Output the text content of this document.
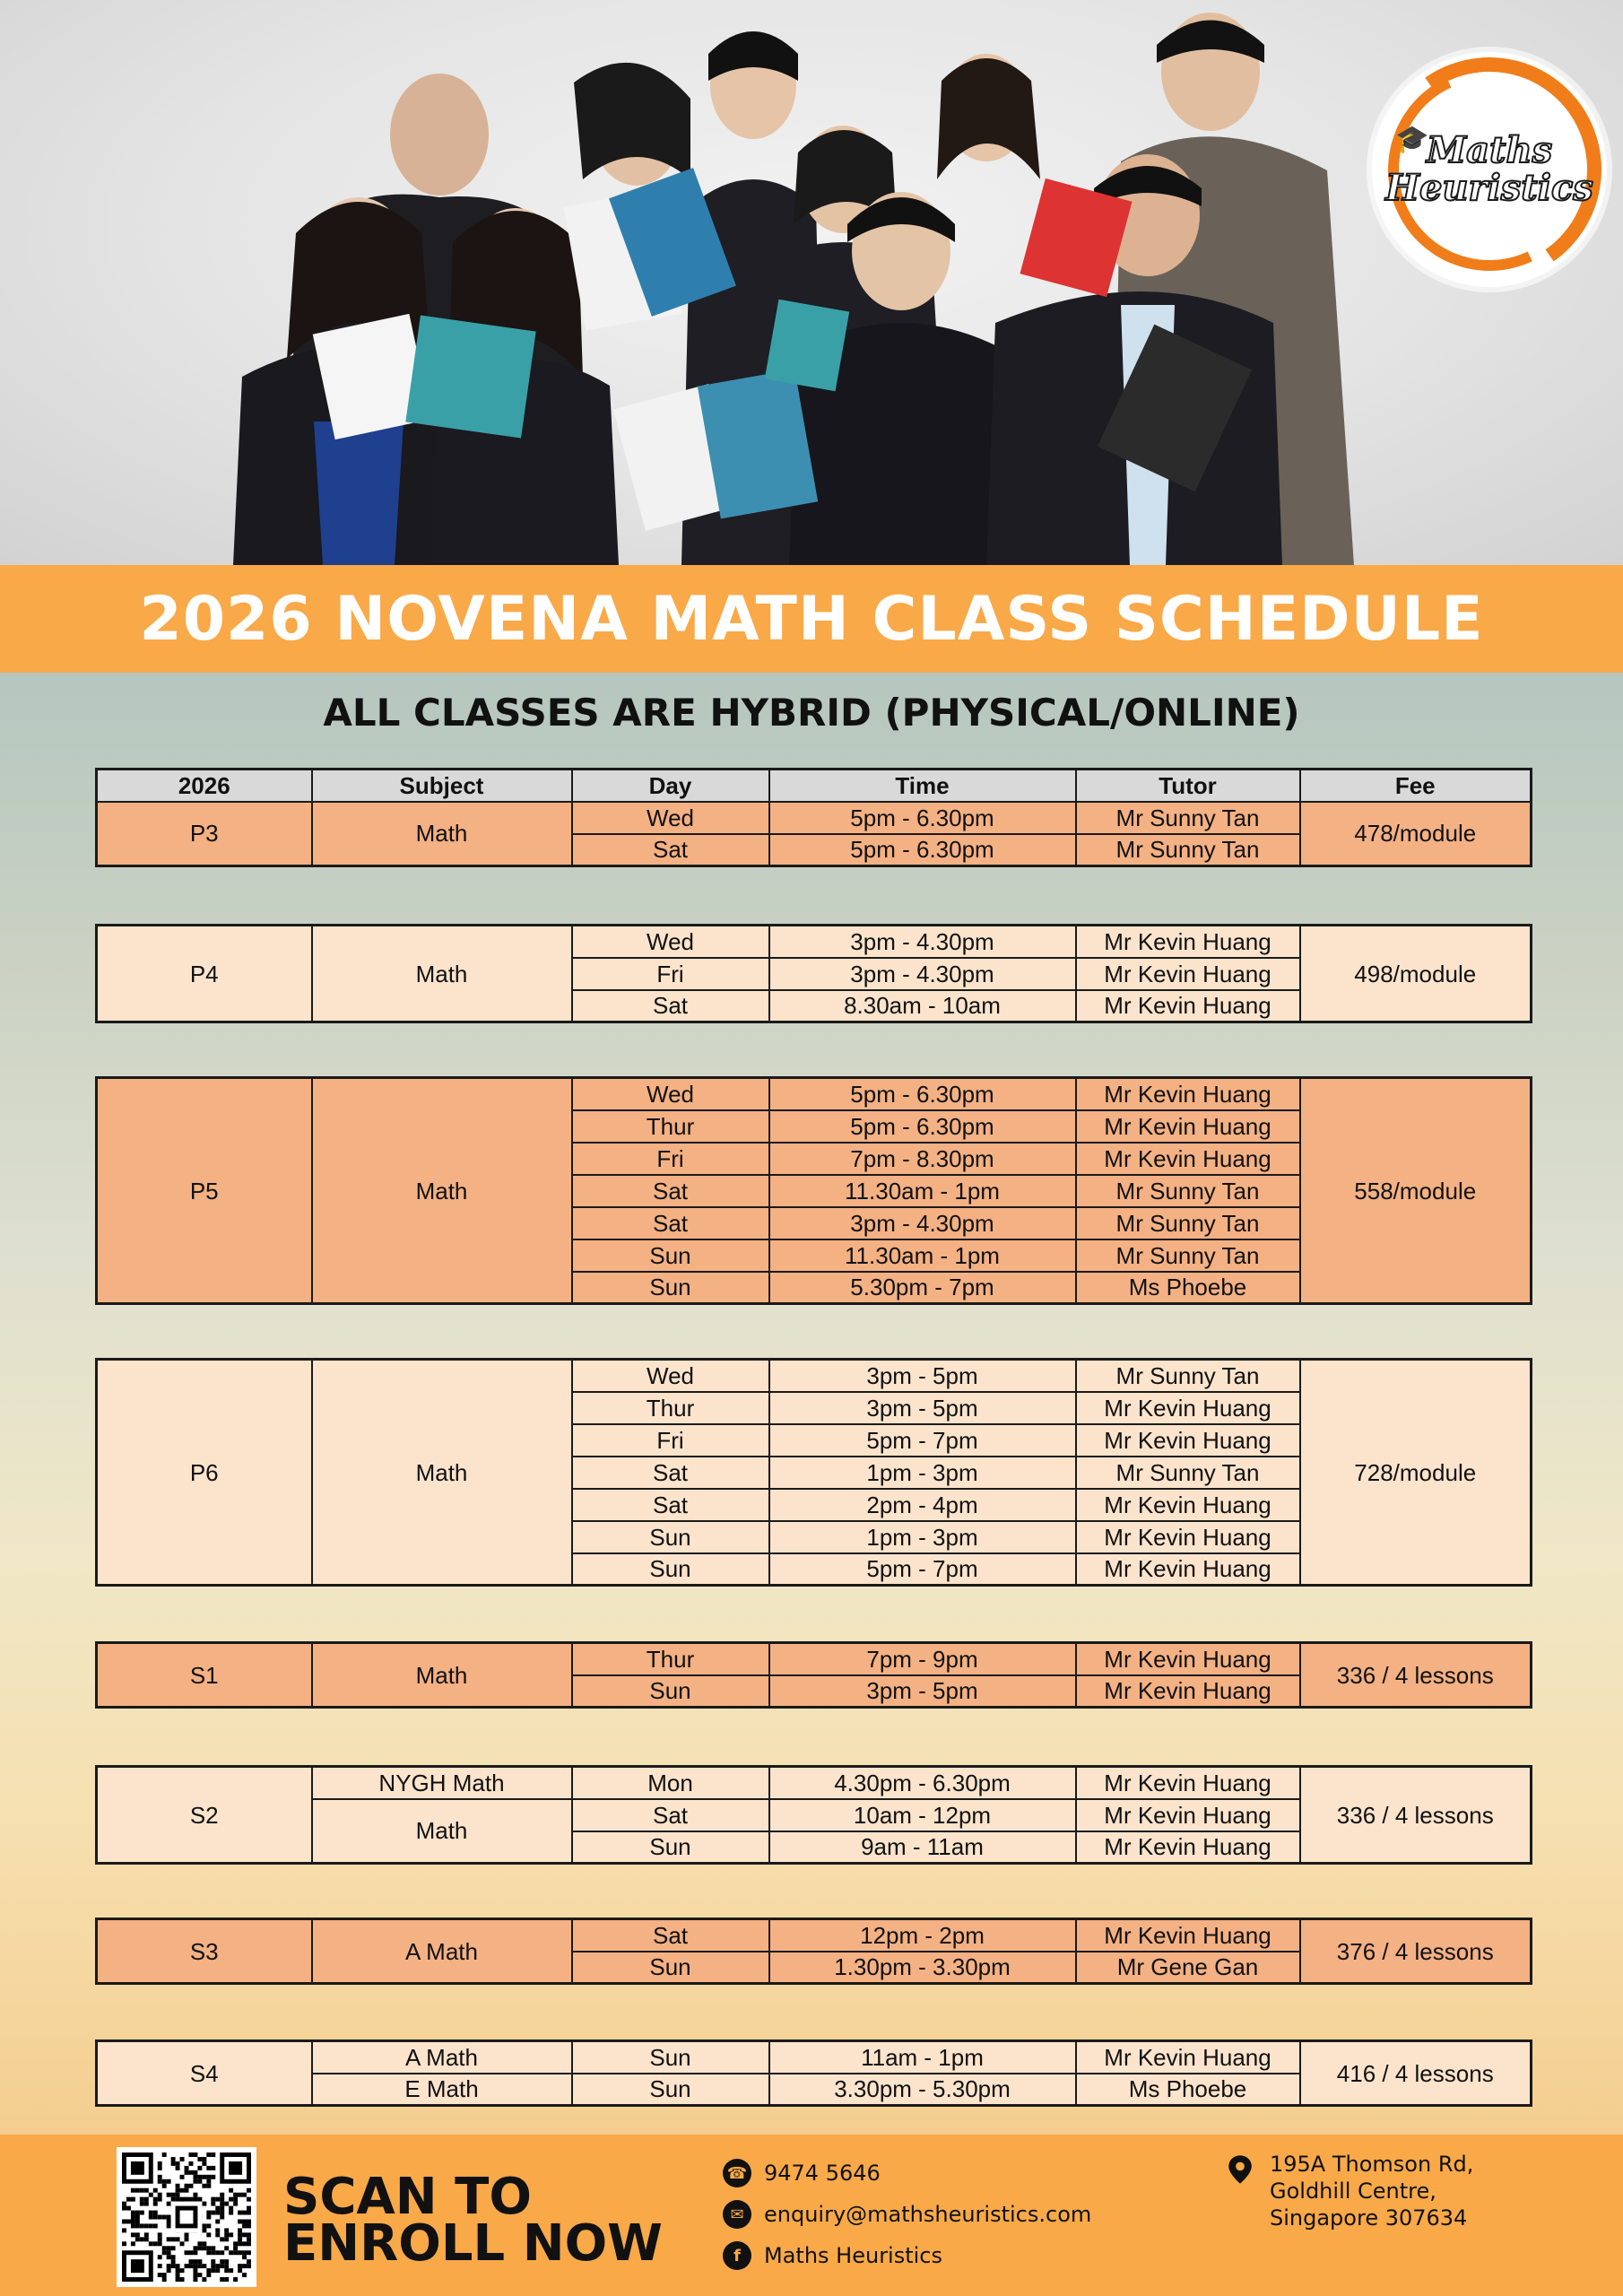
🎓
Maths
Heuristics
2026 NOVENA MATH CLASS SCHEDULE
ALL CLASSES ARE HYBRID (PHYSICAL/ONLINE)
2026	Subject	Day	Time	Tutor	Fee
P3	Math	Wed	5pm - 6.30pm	Mr Sunny Tan	478/module
		Sat	5pm - 6.30pm	Mr Sunny Tan	
P4	Math	Wed	3pm - 4.30pm	Mr Kevin Huang	498/module
		Fri	3pm - 4.30pm	Mr Kevin Huang	
		Sat	8.30am - 10am	Mr Kevin Huang	
P5	Math	Wed	5pm - 6.30pm	Mr Kevin Huang	558/module
		Thur	5pm - 6.30pm	Mr Kevin Huang	
		Fri	7pm - 8.30pm	Mr Kevin Huang	
		Sat	11.30am - 1pm	Mr Sunny Tan	
		Sat	3pm - 4.30pm	Mr Sunny Tan	
		Sun	11.30am - 1pm	Mr Sunny Tan	
		Sun	5.30pm - 7pm	Ms Phoebe	
P6	Math	Wed	3pm - 5pm	Mr Sunny Tan	728/module
		Thur	3pm - 5pm	Mr Kevin Huang	
		Fri	5pm - 7pm	Mr Kevin Huang	
		Sat	1pm - 3pm	Mr Sunny Tan	
		Sat	2pm - 4pm	Mr Kevin Huang	
		Sun	1pm - 3pm	Mr Kevin Huang	
		Sun	5pm - 7pm	Mr Kevin Huang	
S1	Math	Thur	7pm - 9pm	Mr Kevin Huang	336 / 4 lessons
		Sun	3pm - 5pm	Mr Kevin Huang	
S2	NYGH Math	Mon	4.30pm - 6.30pm	Mr Kevin Huang	336 / 4 lessons
	Math	Sat	10am - 12pm	Mr Kevin Huang	
		Sun	9am - 11am	Mr Kevin Huang	
S3	A Math	Sat	12pm - 2pm	Mr Kevin Huang	376 / 4 lessons
		Sun	1.30pm - 3.30pm	Mr Gene Gan	
S4	A Math	Sun	11am - 1pm	Mr Kevin Huang	416 / 4 lessons
	E Math	Sun	3.30pm - 5.30pm	Ms Phoebe	
SCAN TO
ENROLL NOW
☎ 9474 5646
✉ enquiry@mathsheuristics.com
f	Maths Heuristics
195A Thomson Rd,
Goldhill Centre,
Singapore 307634
